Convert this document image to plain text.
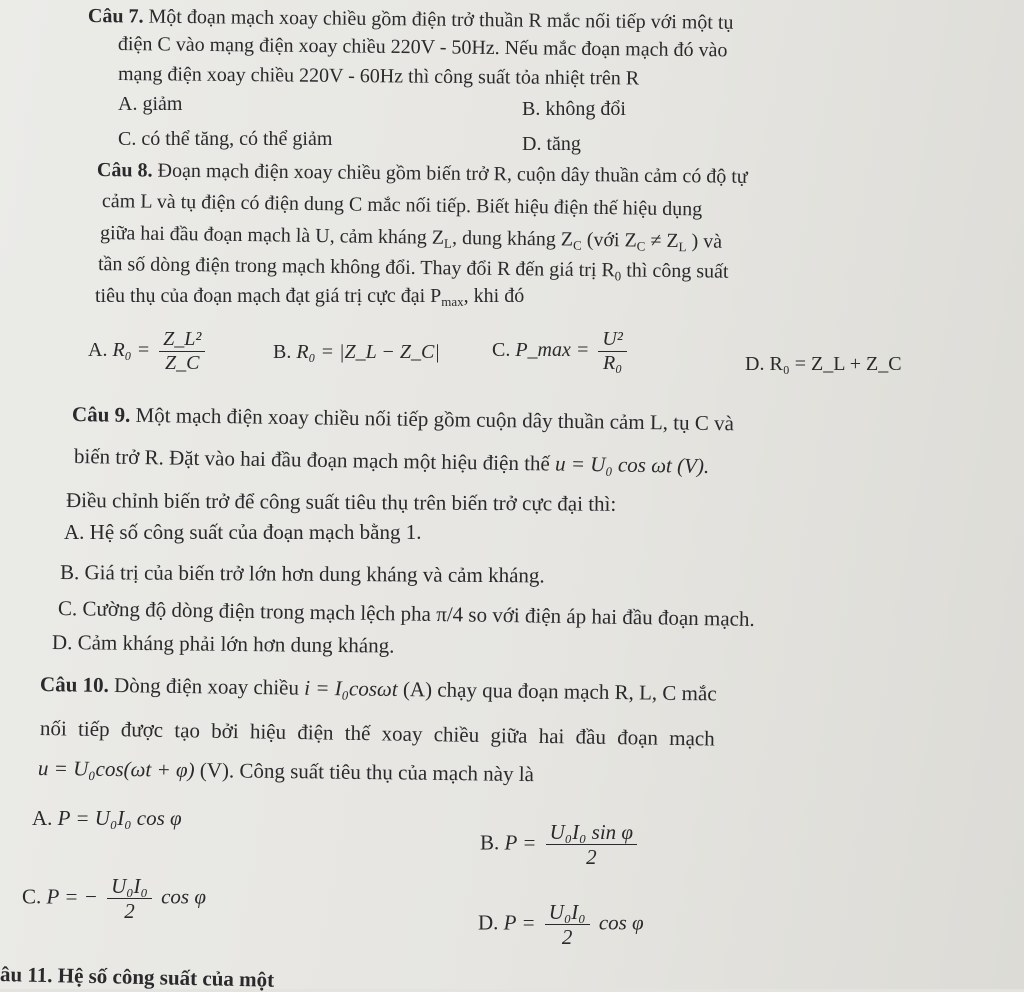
Câu 7. Một đoạn mạch xoay chiều gồm điện trở thuần R mắc nối tiếp với một tụ
điện C vào mạng điện xoay chiều 220V - 50Hz. Nếu mắc đoạn mạch đó vào
mạng điện xoay chiều 220V - 60Hz thì công suất tỏa nhiệt trên R
A. giảm	B. không đổi
C. có thể tăng, có thể giảm	D. tăng
Câu 8. Đoạn mạch điện xoay chiều gồm biến trở R, cuộn dây thuần cảm có độ tự
cảm L và tụ điện có điện dung C mắc nối tiếp. Biết hiệu điện thế hiệu dụng
giữa hai đầu đoạn mạch là U, cảm kháng $Z_L$, dung kháng $Z_C$ (với $Z_C \ne Z_L$ ) và
tần số dòng điện trong mạch không đổi. Thay đổi R đến giá trị $R_0$ thì công suất
tiêu thụ của đoạn mạch đạt giá trị cực đại $P_{max}$, khi đó
A. $R_0 = \frac{\text{Z\_L²}}{Z\_C}$	B. R₀ = |Z_L − Z_C|	C. P_max = $\frac{\text{U²}}{\text{R₀}}$	D. R₀ = Z_L + Z_C
Câu 9. Một mạch điện xoay chiều nối tiếp gồm cuộn dây thuần cảm L, tụ C và
biến trở R. Đặt vào hai đầu đoạn mạch một hiệu điện thế u = U₀ cos ωt (V).
Điều chỉnh biến trở để công suất tiêu thụ trên biến trở cực đại thì:
A. Hệ số công suất của đoạn mạch bằng 1.
B. Giá trị của biến trở lớn hơn dung kháng và cảm kháng.
C. Cường độ dòng điện trong mạch lệch pha π/4 so với điện áp hai đầu đoạn mạch.
D. Cảm kháng phải lớn hơn dung kháng.
Câu 10. Dòng điện xoay chiều i = I₀cosωt (A) chạy qua đoạn mạch R, L, C mắc
nối tiếp được tạo bởi hiệu điện thế xoay chiều giữa hai đầu đoạn mạch
u = U₀cos(ωt + φ) (V). Công suất tiêu thụ của mạch này là
A. P = U₀I₀ cos φ
B. $P = \frac{\text{U₀I₀ sin φ}}{2}$
C. P = − $\frac{\text{U₀I₀}}{2}$ cos φ
D. $P = \frac{\text{U₀I₀}}{2}$ cos φ
âu 11. Hệ số công suất của một
